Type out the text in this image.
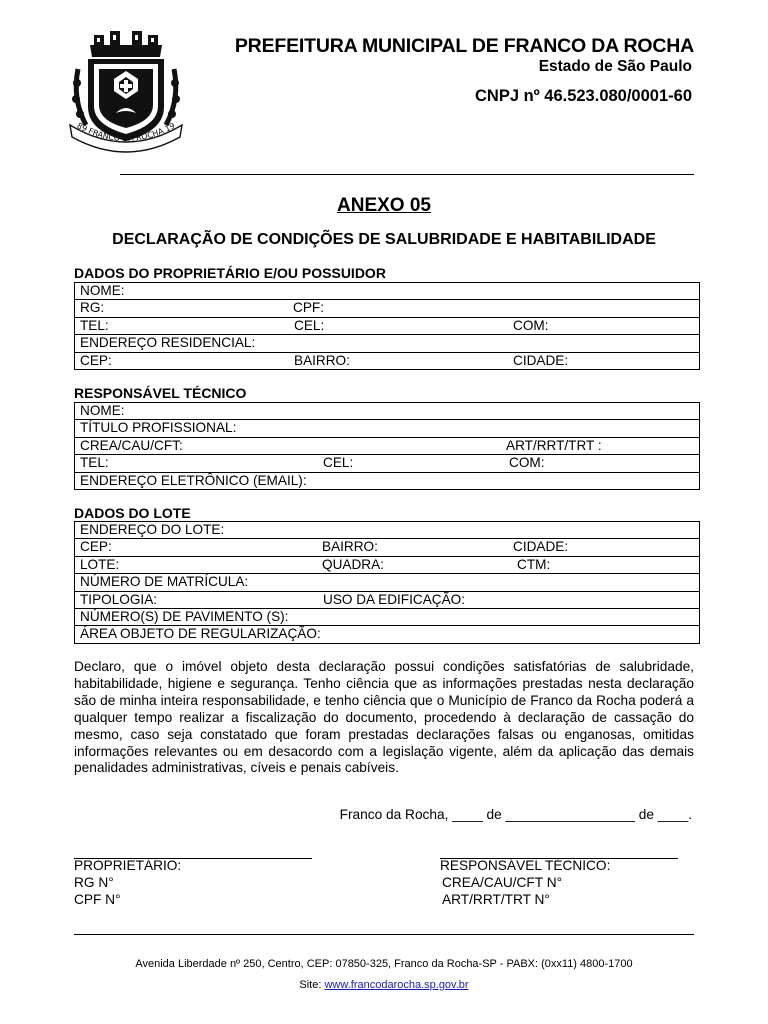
89 FRANCO DA ROCHA 19
PREFEITURA MUNICIPAL DE FRANCO DA ROCHA
Estado de São Paulo
CNPJ nº 46.523.080/0001-60
ANEXO 05
DECLARAÇÃO DE CONDIÇÕES DE SALUBRIDADE E HABITABILIDADE
DADOS DO PROPRIETÁRIO E/OU POSSUIDOR
NOME:
RG:	CPF:
TEL:	CEL:	COM:
ENDEREÇO RESIDENCIAL:
CEP:	BAIRRO:	CIDADE:
RESPONSÁVEL TÉCNICO
NOME:
TÍTULO PROFISSIONAL:
CREA/CAU/CFT:	ART/RRT/TRT :
TEL:	CEL:	COM:
ENDEREÇO ELETRÔNICO (EMAIL):
DADOS DO LOTE
ENDEREÇO DO LOTE:
CEP:	BAIRRO:	CIDADE:
LOTE:	QUADRA:	CTM:
NÚMERO DE MATRÍCULA:
TIPOLOGIA:	USO DA EDIFICAÇÃO:
NÚMERO(S) DE PAVIMENTO (S):
ÁREA OBJETO DE REGULARIZAÇÃO:
Declaro, que o imóvel objeto desta declaração possui condições satisfatórias de salubridade, habitabilidade, higiene e segurança. Tenho ciência que as informações prestadas nesta declaração são de minha inteira responsabilidade, e tenho ciência que o Município de Franco da Rocha poderá a qualquer tempo realizar a fiscalização do documento, procedendo à declaração de cassação do mesmo, caso seja constatado que foram prestadas declarações falsas ou enganosas, omitidas informações relevantes ou em desacordo com a legislação vigente, além da aplicação das demais penalidades administrativas, cíveis e penais cabíveis.
Franco da Rocha, ____ de _________________ de ____.
PROPRIETÁRIO:
RG N°
CPF N°
RESPONSÁVEL TÉCNICO:
CREA/CAU/CFT N°
ART/RRT/TRT N°
Avenida Liberdade nº 250, Centro, CEP: 07850-325, Franco da Rocha-SP - PABX: (0xx11) 4800-1700
Site: www.francodarocha.sp.gov.br
